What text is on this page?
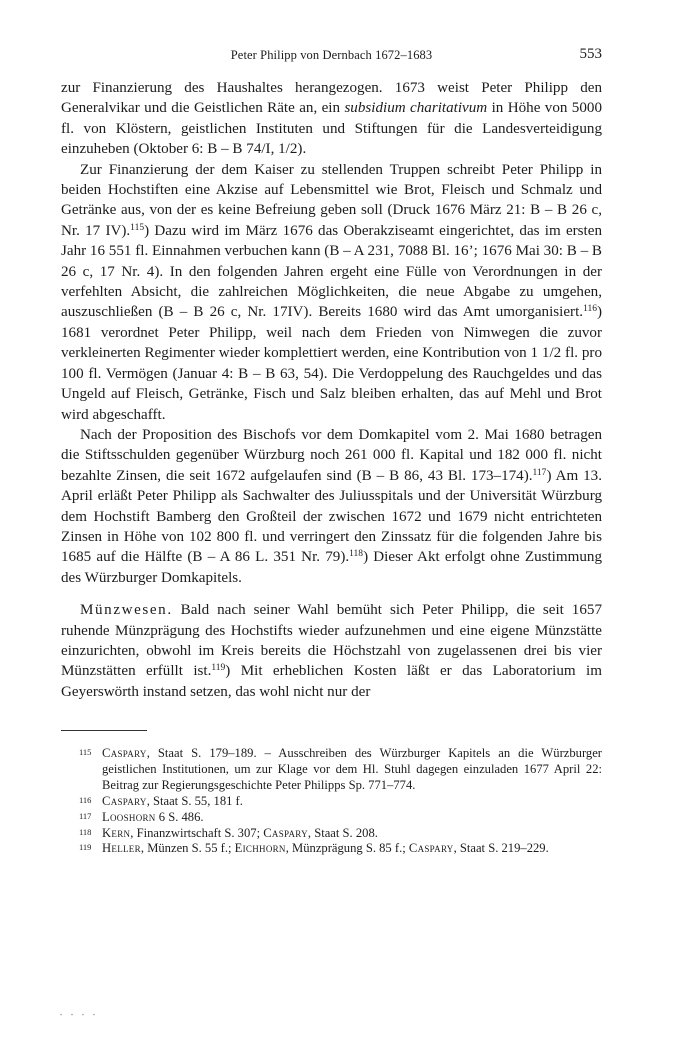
Peter Philipp von Dernbach 1672–1683	553

zur Finanzierung des Haushaltes herangezogen. 1673 weist Peter Philipp den Generalvikar und die Geistlichen Räte an, ein subsidium charitativum in Höhe von 5000 fl. von Klöstern, geistlichen Instituten und Stiftungen für die Landesverteidigung einzuheben (Oktober 6: B – B 74/I, 1/2).

Zur Finanzierung der dem Kaiser zu stellenden Truppen schreibt Peter Philipp in beiden Hochstiften eine Akzise auf Lebensmittel wie Brot, Fleisch und Schmalz und Getränke aus, von der es keine Befreiung geben soll (Druck 1676 März 21: B – B 26 c, Nr. 17 IV).$^{115}$) Dazu wird im März 1676 das Oberakziseamt eingerichtet, das im ersten Jahr 16 551 fl. Einnahmen verbuchen kann (B – A 231, 7088 Bl. 16’; 1676 Mai 30: B – B 26 c, 17 Nr. 4). In den folgenden Jahren ergeht eine Fülle von Verordnungen in der verfehlten Absicht, die zahlreichen Möglichkeiten, die neue Abgabe zu umgehen, auszuschließen (B – B 26 c, Nr. 17IV). Bereits 1680 wird das Amt umorganisiert.$^{116}$) 1681 verordnet Peter Philipp, weil nach dem Frieden von Nimwegen die zuvor verkleinerten Regimenter wieder komplettiert werden, eine Kontribution von 1 1/2 fl. pro 100 fl. Vermögen (Januar 4: B – B 63, 54). Die Verdoppelung des Rauchgeldes und das Ungeld auf Fleisch, Getränke, Fisch und Salz bleiben erhalten, das auf Mehl und Brot wird abgeschafft.

Nach der Proposition des Bischofs vor dem Domkapitel vom 2. Mai 1680 betragen die Stiftsschulden gegenüber Würzburg noch 261 000 fl. Kapital und 182 000 fl. nicht bezahlte Zinsen, die seit 1672 aufgelaufen sind (B – B 86, 43 Bl. 173–174).$^{117}$) Am 13. April erläßt Peter Philipp als Sachwalter des Juliusspitals und der Universität Würzburg dem Hochstift Bamberg den Großteil der zwischen 1672 und 1679 nicht entrichteten Zinsen in Höhe von 102 800 fl. und verringert den Zinssatz für die folgenden Jahre bis 1685 auf die Hälfte (B – A 86 L. 351 Nr. 79).$^{118}$) Dieser Akt erfolgt ohne Zustimmung des Würzburger Domkapitels.

Münzwesen. Bald nach seiner Wahl bemüht sich Peter Philipp, die seit 1657 ruhende Münzprägung des Hochstifts wieder aufzunehmen und eine eigene Münzstätte einzurichten, obwohl im Kreis bereits die Höchstzahl von zugelassenen drei bis vier Münzstätten erfüllt ist.$^{119}$) Mit erheblichen Kosten läßt er das Laboratorium im Geyerswörth instand setzen, das wohl nicht nur der

115 Caspary, Staat S. 179–189. – Ausschreiben des Würzburger Kapitels an die Würzburger geistlichen Institutionen, um zur Klage vor dem Hl. Stuhl dagegen einzuladen 1677 April 22: Beitrag zur Regierungsgeschichte Peter Philipps Sp. 771–774.
116 Caspary, Staat S. 55, 181 f.
117 Looshorn 6 S. 486.
118 Kern, Finanzwirtschaft S. 307; Caspary, Staat S. 208.
119 Heller, Münzen S. 55 f.; Eichhorn, Münzprägung S. 85 f.; Caspary, Staat S. 219–229.
